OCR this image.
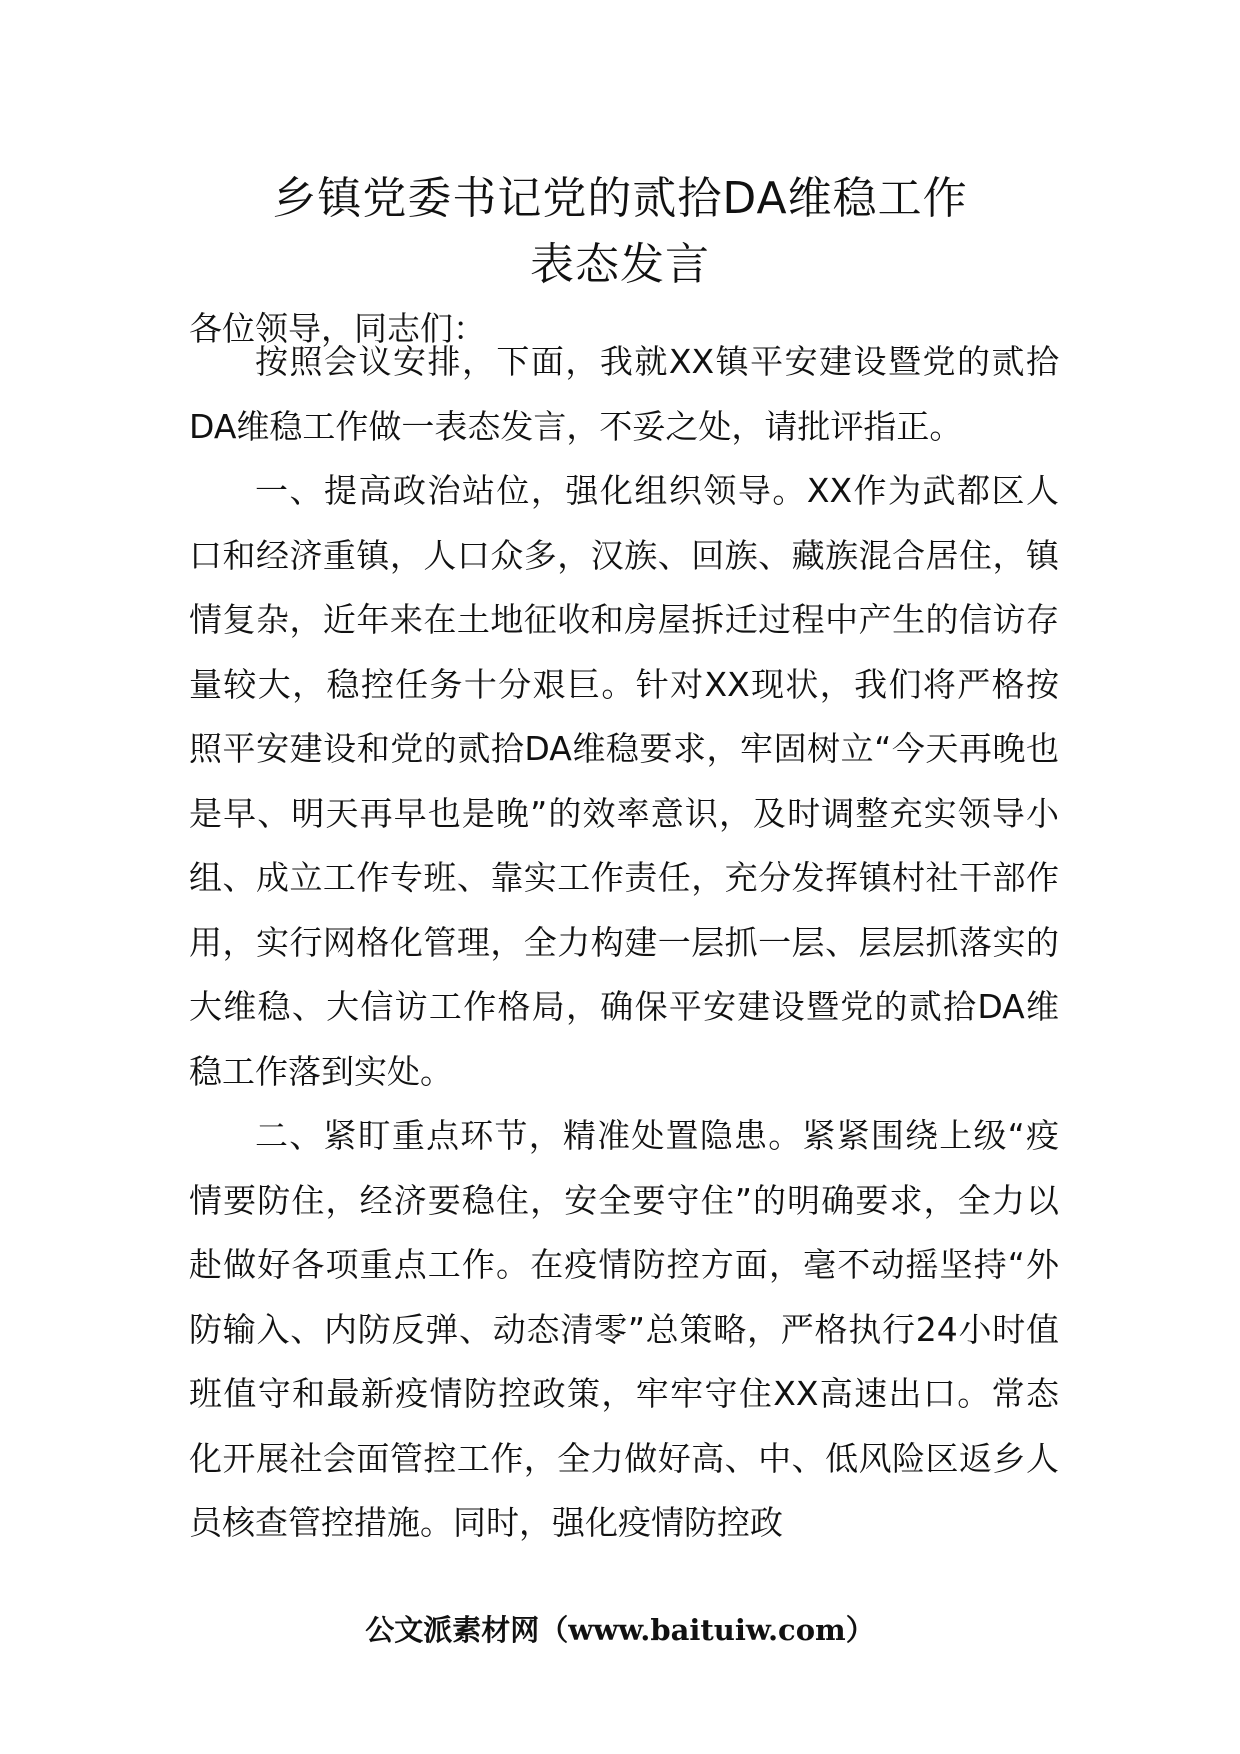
乡镇党委书记党的贰拾DA维稳工作
表态发言

各位领导，同志们：

按照会议安排，下面，我就XX镇平安建设暨党的贰拾DA维稳工作做一表态发言，不妥之处，请批评指正。

一、提高政治站位，强化组织领导。XX作为武都区人口和经济重镇，人口众多，汉族、回族、藏族混合居住，镇情复杂，近年来在土地征收和房屋拆迁过程中产生的信访存量较大，稳控任务十分艰巨。针对XX现状，我们将严格按照平安建设和党的贰拾DA维稳要求，牢固树立“今天再晚也是早、明天再早也是晚”的效率意识，及时调整充实领导小组、成立工作专班、靠实工作责任，充分发挥镇村社干部作用，实行网格化管理，全力构建一层抓一层、层层抓落实的大维稳、大信访工作格局，确保平安建设暨党的贰拾DA维稳工作落到实处。

二、紧盯重点环节，精准处置隐患。紧紧围绕上级“疫情要防住，经济要稳住，安全要守住”的明确要求，全力以赴做好各项重点工作。在疫情防控方面，毫不动摇坚持“外防输入、内防反弹、动态清零”总策略，严格执行24小时值班值守和最新疫情防控政策，牢牢守住XX高速出口。常态化开展社会面管控工作，全力做好高、中、低风险区返乡人员核查管控措施。同时，强化疫情防控政

公文派素材网（www.baituiw.com）
